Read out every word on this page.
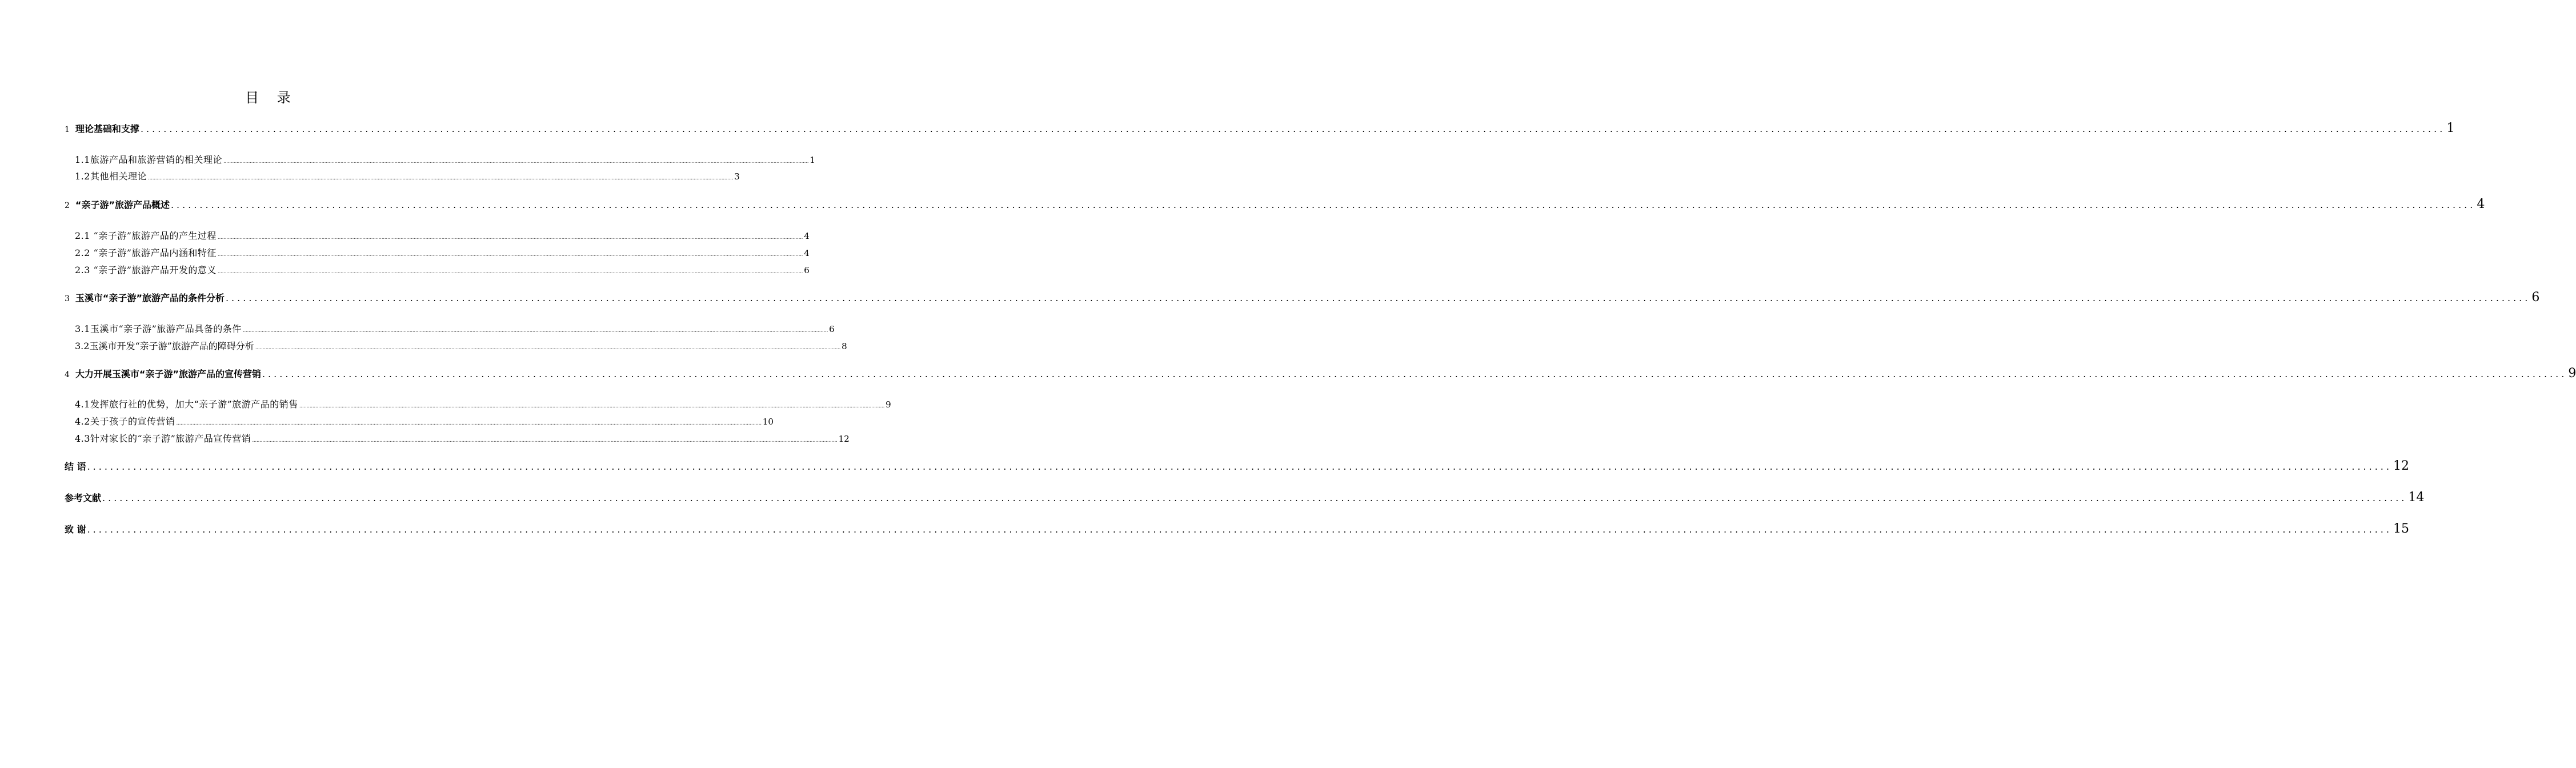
目 录
1 理论基础和支撑 ................................................................................................................................................................................................................................................................................................................................................................................................................ 1
1.1旅游产品和旅游营销的相关理论 ................................................................................................................................................................................................................................................................................................................................................................................................................ 1
1.2其他相关理论 ................................................................................................................................................................................................................................................................................................................................................................................................................ 3
2 “亲子游”旅游产品概述 ................................................................................................................................................................................................................................................................................................................................................................................................................ 4
2.1 “亲子游”旅游产品的产生过程 ................................................................................................................................................................................................................................................................................................................................................................................................................ 4
2.2 “亲子游”旅游产品内涵和特征 ................................................................................................................................................................................................................................................................................................................................................................................................................ 4
2.3 “亲子游”旅游产品开发的意义 ................................................................................................................................................................................................................................................................................................................................................................................................................ 6
3 玉溪市“亲子游”旅游产品的条件分析 ................................................................................................................................................................................................................................................................................................................................................................................................................ 6
3.1玉溪市“亲子游”旅游产品具备的条件 ................................................................................................................................................................................................................................................................................................................................................................................................................ 6
3.2玉溪市开发“亲子游”旅游产品的障碍分析 ................................................................................................................................................................................................................................................................................................................................................................................................................ 8
4 大力开展玉溪市“亲子游”旅游产品的宣传营销 ................................................................................................................................................................................................................................................................................................................................................................................................................ 9
4.1发挥旅行社的优势，加大“亲子游”旅游产品的销售 ................................................................................................................................................................................................................................................................................................................................................................................................................ 9
4.2关于孩子的宣传营销 ................................................................................................................................................................................................................................................................................................................................................................................................................ 10
4.3针对家长的“亲子游”旅游产品宣传营销 ................................................................................................................................................................................................................................................................................................................................................................................................................ 12
结 语 ................................................................................................................................................................................................................................................................................................................................................................................................................ 12
参考文献 ................................................................................................................................................................................................................................................................................................................................................................................................................ 14
致 谢 ................................................................................................................................................................................................................................................................................................................................................................................................................ 15
